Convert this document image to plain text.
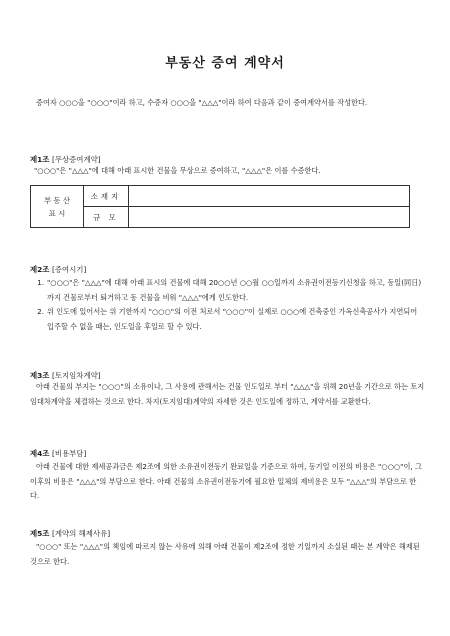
부동산 증여 계약서
증여자 ○○○을 "○○○"이라 하고, 수증자 ○○○을 "△△△"이라 하여 다음과 같이 증여계약서를 작성한다.
제1조 [무상증여계약]
"○○○"은 "△△△"에 대해 아래 표시한 건물을 무상으로 증여하고, "△△△"은 이를 수증한다.
부 동 산
표 시	소재지	
	규 모	
제2조 [증여시기]
1. "○○○"은 "△△△"에 대해 아래 표시의 건물에 대해 20○○년 ○○월 ○○일까지 소유권이전등기신청을 하고, 동일(同日)까지 건물로부터 퇴거하고 동 건물을 비워 "△△△"에게 인도한다.
2. 위 인도에 있어서는 위 기한까지 "○○○"의 이전 처로서 "○○○"이 실제로 ○○○에 건축중인 가옥신축공사가 지연되어 입주할 수 없을 때는, 인도일을 후일로 할 수 있다.
제3조 [토지임차계약]
아래 건물의 부지는 "○○○"의 소유이나, 그 사용에 관해서는 건물 인도일로 부터 "△△△"을 위해 20년을 기간으로 하는 토지임대차계약을 체결하는 것으로 한다. 차지(토지임대)계약의 자세한 것은 인도일에 정하고, 계약서를 교환한다.
제4조 [비용부담]
아래 건물에 대한 제세공과금은 제2조에 의한 소유권이전등기 완료일을 기준으로 하여, 동기일 이전의 비용은 "○○○"이, 그 이후의 비용은 "△△△"의 부담으로 한다. 아래 건물의 소유권이전등기에 필요한 일체의 제비용은 모두 "△△△"의 부담으로 한다.
제5조 [계약의 해제사유]
"○○○" 또는 "△△△"의 책임에 따르지 않는 사유에 의해 아래 건물이 제2조에 정한 기일까지 소실된 때는 본 계약은 해제된 것으로 한다.
